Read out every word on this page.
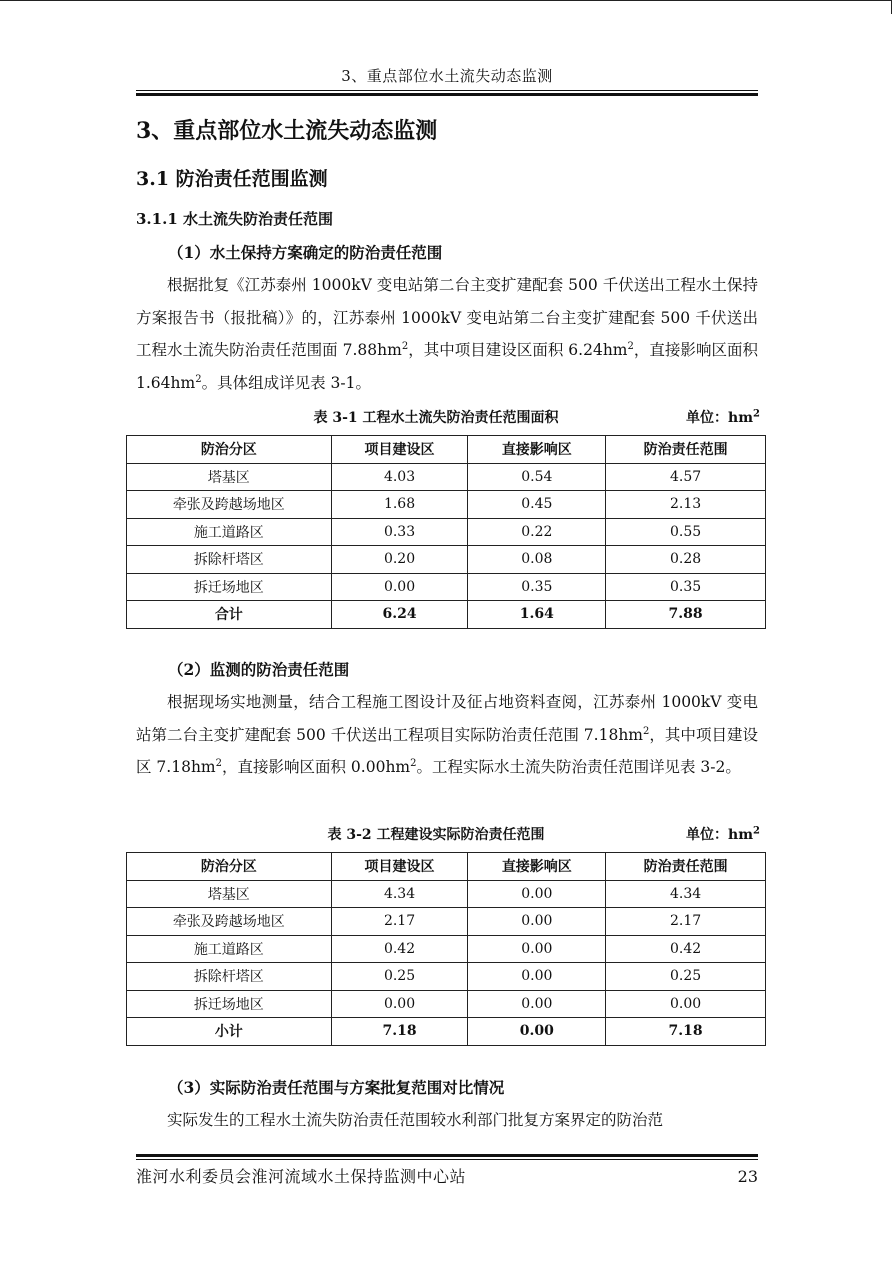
3、重点部位水土流失动态监测
3、重点部位水土流失动态监测
3.1 防治责任范围监测
3.1.1 水土流失防治责任范围
（1）水土保持方案确定的防治责任范围

根据批复《江苏泰州 1000kV 变电站第二台主变扩建配套 500 千伏送出工程水土保持方案报告书（报批稿）》的，江苏泰州 1000kV 变电站第二台主变扩建配套 500 千伏送出工程水土流失防治责任范围面 $7.88hm^2$，其中项目建设区面积 $6.24hm^2$，直接影响区面积 $1.64hm^2$。具体组成详见表 3-1。

表 3-1 工程水土流失防治责任范围面积	单位：$hm^2$
防治分区	项目建设区	直接影响区	防治责任范围
塔基区	4.03	0.54	4.57
牵张及跨越场地区	1.68	0.45	2.13
施工道路区	0.33	0.22	0.55
拆除杆塔区	0.20	0.08	0.28
拆迁场地区	0.00	0.35	0.35
合计	6.24	1.64	7.88
（2）监测的防治责任范围

根据现场实地测量，结合工程施工图设计及征占地资料查阅，江苏泰州 1000kV 变电站第二台主变扩建配套 500 千伏送出工程项目实际防治责任范围 $7.18hm^2$，其中项目建设区 $7.18hm^2$，直接影响区面积 $0.00hm^2$。工程实际水土流失防治责任范围详见表 3-2。

表 3-2 工程建设实际防治责任范围	单位：$hm^2$
防治分区	项目建设区	直接影响区	防治责任范围
塔基区	4.34	0.00	4.34
牵张及跨越场地区	2.17	0.00	2.17
施工道路区	0.42	0.00	0.42
拆除杆塔区	0.25	0.00	0.25
拆迁场地区	0.00	0.00	0.00
小计	7.18	0.00	7.18
（3）实际防治责任范围与方案批复范围对比情况

实际发生的工程水土流失防治责任范围较水利部门批复方案界定的防治范

淮河水利委员会淮河流域水土保持监测中心站	23
